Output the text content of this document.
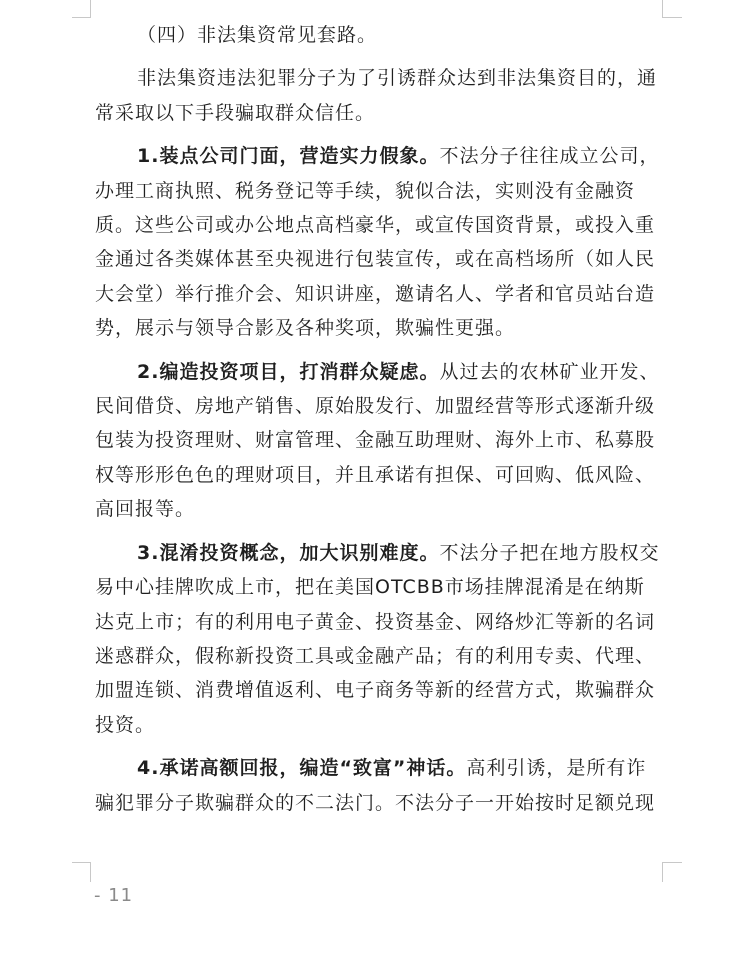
（四）非法集资常见套路。
非法集资违法犯罪分子为了引诱群众达到非法集资目的，通
常采取以下手段骗取群众信任。
1.装点公司门面，营造实力假象。不法分子往往成立公司，
办理工商执照、税务登记等手续，貌似合法，实则没有金融资
质。这些公司或办公地点高档豪华，或宣传国资背景，或投入重
金通过各类媒体甚至央视进行包装宣传，或在高档场所（如人民
大会堂）举行推介会、知识讲座，邀请名人、学者和官员站台造
势，展示与领导合影及各种奖项，欺骗性更强。
2.编造投资项目，打消群众疑虑。从过去的农林矿业开发、
民间借贷、房地产销售、原始股发行、加盟经营等形式逐渐升级
包装为投资理财、财富管理、金融互助理财、海外上市、私募股
权等形形色色的理财项目，并且承诺有担保、可回购、低风险、
高回报等。
3.混淆投资概念，加大识别难度。不法分子把在地方股权交
易中心挂牌吹成上市，把在美国OTCBB市场挂牌混淆是在纳斯
达克上市；有的利用电子黄金、投资基金、网络炒汇等新的名词
迷惑群众，假称新投资工具或金融产品；有的利用专卖、代理、
加盟连锁、消费增值返利、电子商务等新的经营方式，欺骗群众
投资。
4.承诺高额回报，编造“致富”神话。高利引诱，是所有诈
骗犯罪分子欺骗群众的不二法门。不法分子一开始按时足额兑现
- 11
